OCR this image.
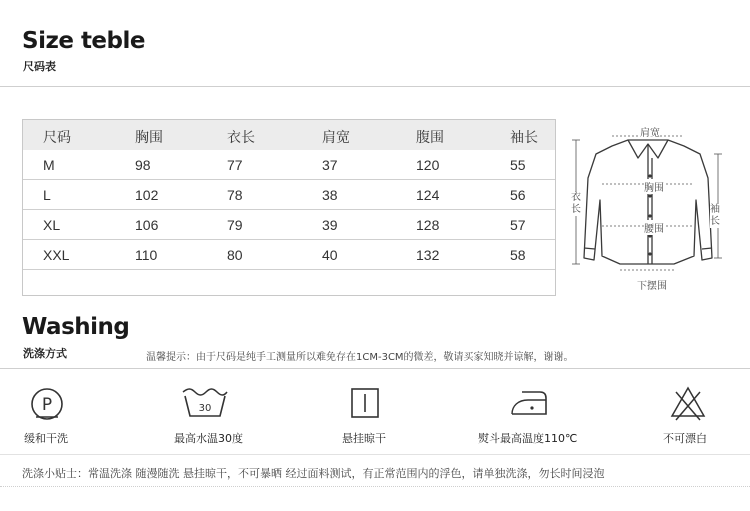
Size teble
尺码表
尺码	胸围	衣长	肩宽	腹围	袖长
M	98	77	37	120	55
L	102	78	38	124	56
XL	106	79	39	128	57
XXL	110	80	40	132	58
肩宽
衣长
胸围
腰围
袖长
下摆围
Washing
洗涤方式	温馨提示：由于尺码是纯手工测量所以难免存在1CM-3CM的微差，敬请买家知晓并谅解，谢谢。
P
缓和干洗
30
最高水温30度	悬挂晾干	熨斗最高温度110℃	不可漂白
洗涤小贴士：常温洗涤 随漫随洗 悬挂晾干，不可暴晒 经过面料测试，有正常范围内的浮色，请单独洗涤，勿长时间浸泡
